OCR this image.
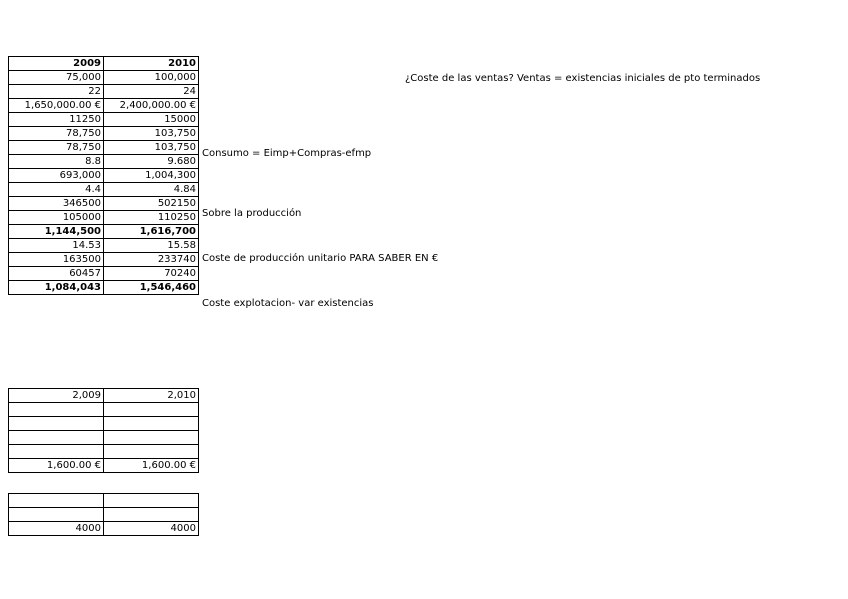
2009	2010
75,000	100,000
22	24
1,650,000.00 €	2,400,000.00 €
11250	15000
78,750	103,750
78,750	103,750
8.8	9.680
693,000	1,004,300
4.4	4.84
346500	502150
105000	110250
1,144,500	1,616,700
14.53	15.58
163500	233740
60457	70240
1,084,043	1,546,460
¿Coste de las ventas? Ventas = existencias iniciales de pto terminados
Consumo = Eimp+Compras-efmp
Sobre la producción
Coste de producción unitario PARA SABER EN €
Coste explotacion- var existencias
2,009	2,010

1,600.00 €	1,600.00 €

4000	4000
